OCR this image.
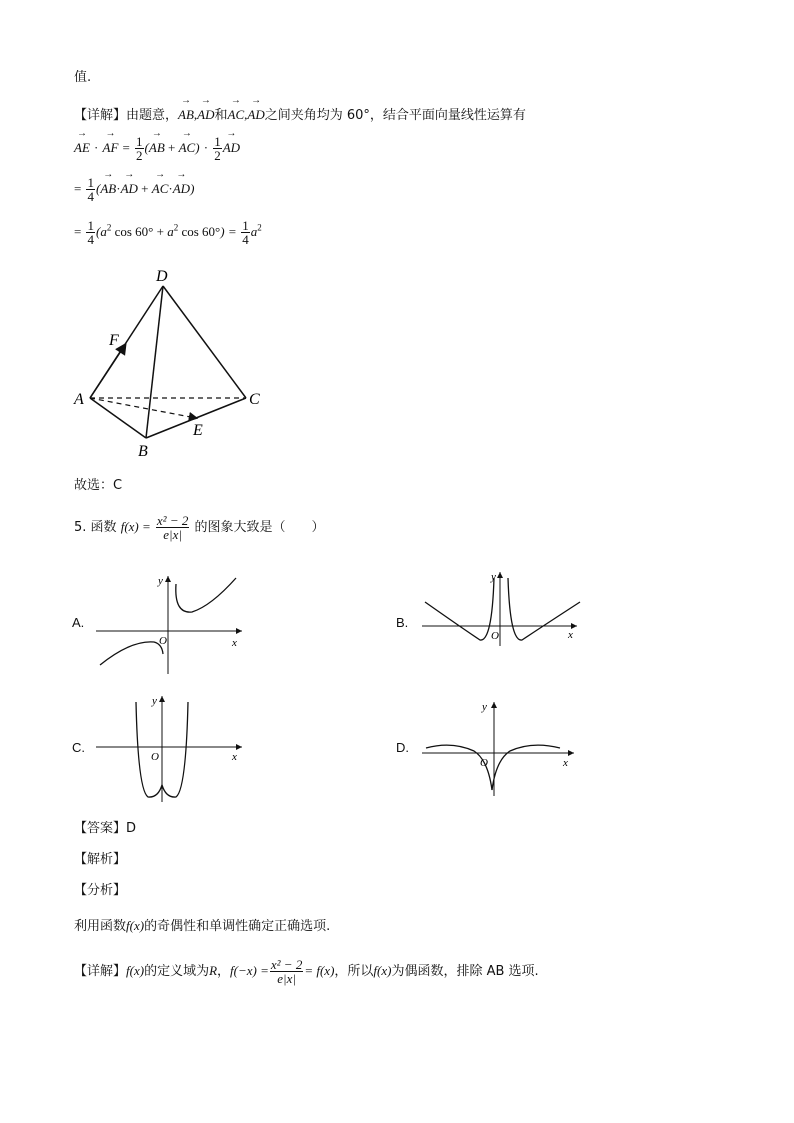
值.
【详解】由题意，→ AB,→ AD和→ AC,→ AD之间夹角均为 60°，结合平面向量线性运算有
→ AE · → AF = $\frac{1}{2}$ (→ AB + → $AC) \cdot \frac{1}{2}$ → AD
= $\frac{1}{4}$ (→ AB·→ AD + → AC·→ AD)
= $\frac{1}{4} (a^2$ $\cos 60^\circ + a^2$ $\cos 60^\circ) = \frac{1}{4} a^2$
A
B
C
D
E
F
故选：C
5. 函数 $f(x) = \frac{\text{x² − 2}}{e|x|}$ 的图象大致是（　　）
A.
y
x
O
B.
y
x
O
C.
y
x
O
D.
y
x
O
【答案】D
【解析】
【分析】
利用函数f(x)的奇偶性和单调性确定正确选项.
【详解】f(x)的定义域为R，$f(-x) = \frac{\text{x² − 2}}{e|x|} = f(x)$，所以f(x)为偶函数，排除 AB 选项.
